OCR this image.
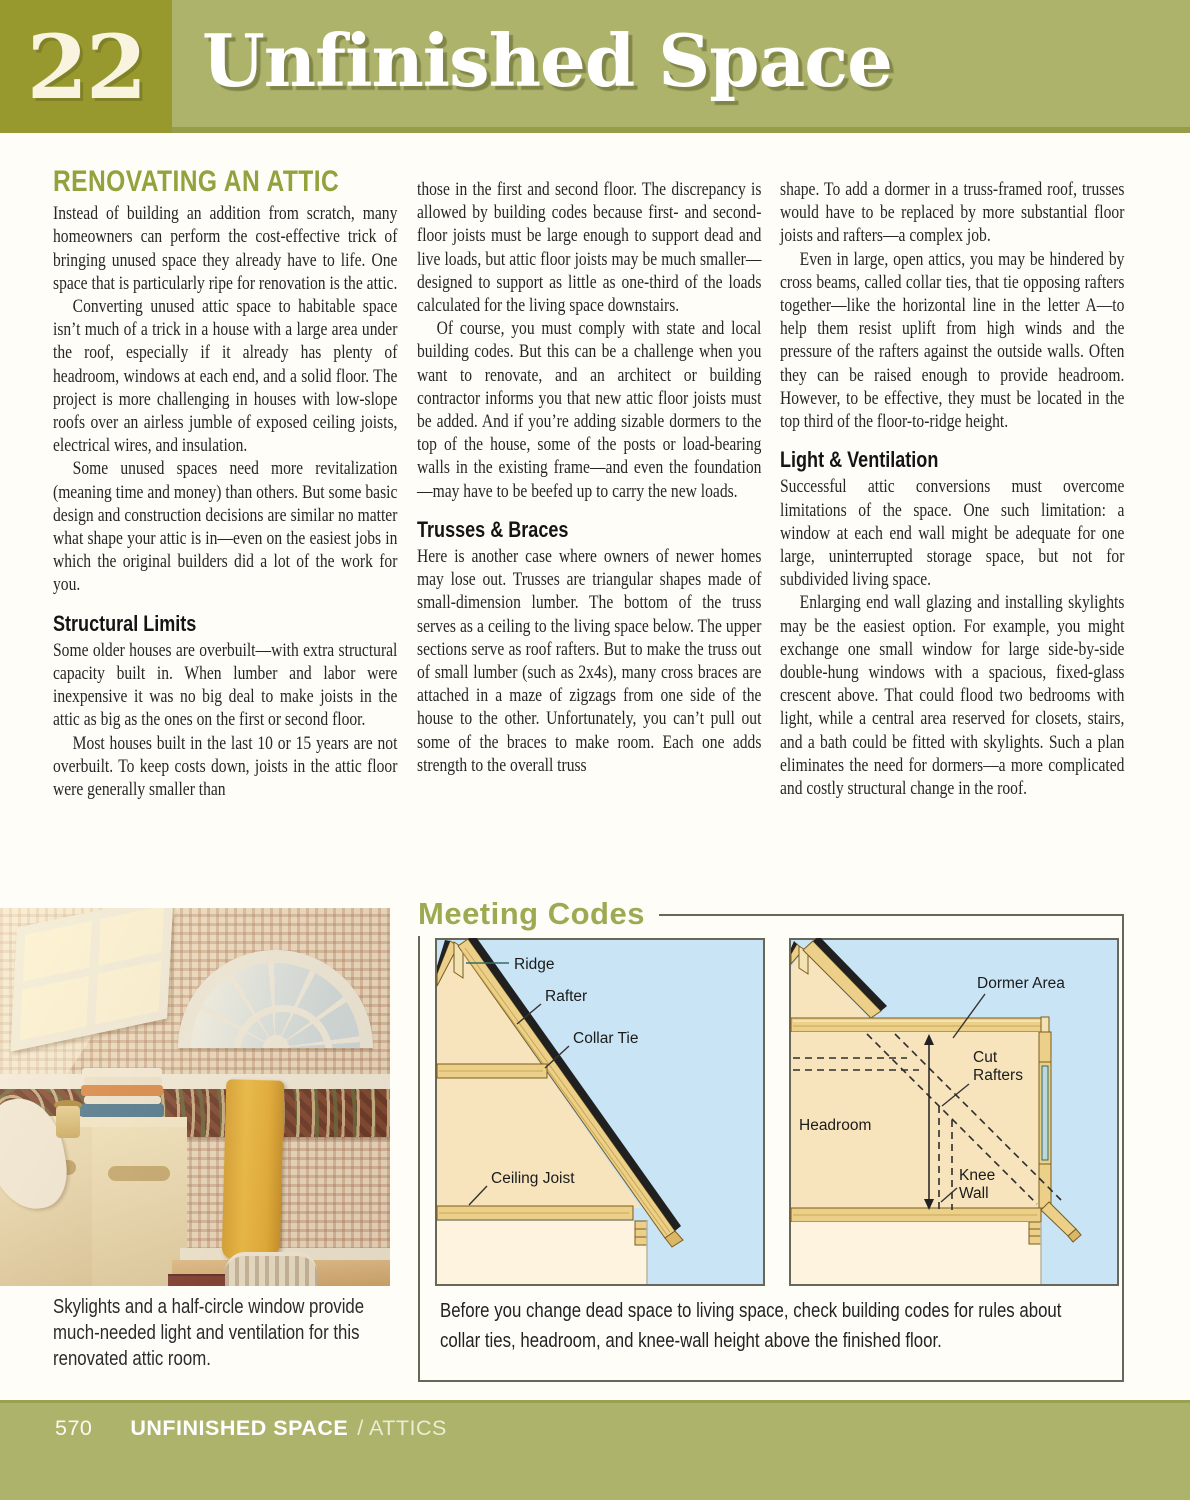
22 Unfinished Space
RENOVATING AN ATTIC

Instead of building an addition from scratch, many homeowners can perform the cost-effective trick of bringing unused space they already have to life. One space that is particularly ripe for renovation is the attic.

Converting unused attic space to habitable space isn’t much of a trick in a house with a large area under the roof, especially if it already has plenty of headroom, windows at each end, and a solid floor. The project is more challenging in houses with low-slope roofs over an airless jumble of exposed ceiling joists, electrical wires, and insulation.

Some unused spaces need more revitalization (meaning time and money) than others. But some basic design and construction decisions are similar no matter what shape your attic is in—even on the easiest jobs in which the original builders did a lot of the work for you.

Structural Limits

Some older houses are overbuilt—with extra structural capacity built in. When lumber and labor were inexpensive it was no big deal to make joists in the attic as big as the ones on the first or second floor.

Most houses built in the last 10 or 15 years are not overbuilt. To keep costs down, joists in the attic floor were generally smaller than

those in the first and second floor. The discrepancy is allowed by building codes because first- and second-floor joists must be large enough to support dead and live loads, but attic floor joists may be much smaller—designed to support as little as one-third of the loads calculated for the living space downstairs.

Of course, you must comply with state and local building codes. But this can be a challenge when you want to renovate, and an architect or building contractor informs you that new attic floor joists must be added. And if you’re adding sizable dormers to the top of the house, some of the posts or load-bearing walls in the existing frame—and even the foundation—may have to be beefed up to carry the new loads.

Trusses & Braces

Here is another case where owners of newer homes may lose out. Trusses are triangular shapes made of small-dimension lumber. The bottom of the truss serves as a ceiling to the living space below. The upper sections serve as roof rafters. But to make the truss out of small lumber (such as 2x4s), many cross braces are attached in a maze of zigzags from one side of the house to the other. Unfortunately, you can’t pull out some of the braces to make room. Each one adds strength to the overall truss

shape. To add a dormer in a truss-framed roof, trusses would have to be replaced by more substantial floor joists and rafters—a complex job.

Even in large, open attics, you may be hindered by cross beams, called collar ties, that tie opposing rafters together—like the horizontal line in the letter A—to help them resist uplift from high winds and the pressure of the rafters against the outside walls. Often they can be raised enough to provide headroom. However, to be effective, they must be located in the top third of the floor-to-ridge height.

Light & Ventilation

Successful attic conversions must overcome limitations of the space. One such limitation: a window at each end wall might be adequate for one large, uninterrupted storage space, but not for subdivided living space.

Enlarging end wall glazing and installing skylights may be the easiest option. For example, you might exchange one small window for large side-by-side double-hung windows with a spacious, fixed-glass crescent above. That could flood two bedrooms with light, while a central area reserved for closets, stairs, and a bath could be fitted with skylights. Such a plan eliminates the need for dormers—a more complicated and costly structural change in the roof.

Skylights and a half-circle window provide much-needed light and ventilation for this renovated attic room.
Meeting Codes
Ridge
Rafter
Collar Tie
Ceiling Joist
Dormer Area
Cut
Rafters
Headroom
Knee
Wall
Before you change dead space to living space, check building codes for rules about collar ties, headroom, and knee-wall height above the finished floor.
570 UNFINISHED SPACE / ATTICS
